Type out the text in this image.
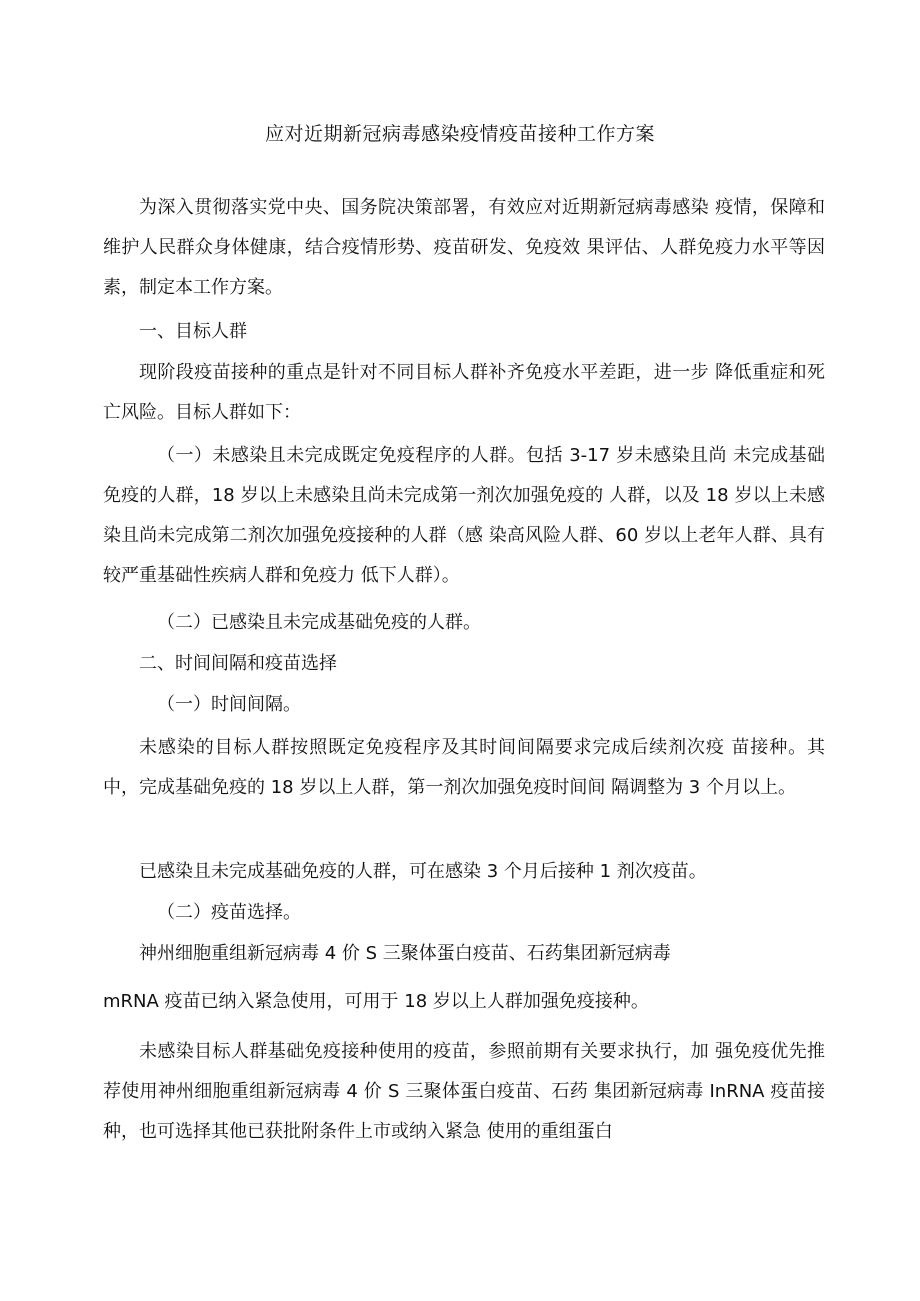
应对近期新冠病毒感染疫情疫苗接种工作方案

为深入贯彻落实党中央、国务院决策部署，有效应对近期新冠病毒感染 疫情，保障和维护人民群众身体健康，结合疫情形势、疫苗研发、免疫效 果评估、人群免疫力水平等因素，制定本工作方案。

一、目标人群

现阶段疫苗接种的重点是针对不同目标人群补齐免疫水平差距，进一步 降低重症和死亡风险。目标人群如下：

（一）未感染且未完成既定免疫程序的人群。包括 3-17 岁未感染且尚 未完成基础免疫的人群，18 岁以上未感染且尚未完成第一剂次加强免疫的 人群，以及 18 岁以上未感染且尚未完成第二剂次加强免疫接种的人群（感 染高风险人群、60 岁以上老年人群、具有较严重基础性疾病人群和免疫力 低下人群）。

（二）已感染且未完成基础免疫的人群。
二、时间间隔和疫苗选择
（一）时间间隔。

未感染的目标人群按照既定免疫程序及其时间间隔要求完成后续剂次疫 苗接种。其中，完成基础免疫的 18 岁以上人群，第一剂次加强免疫时间间 隔调整为 3 个月以上。

已感染且未完成基础免疫的人群，可在感染 3 个月后接种 1 剂次疫苗。
（二）疫苗选择。
神州细胞重组新冠病毒 4 价 S 三聚体蛋白疫苗、石药集团新冠病毒
mRNA 疫苗已纳入紧急使用，可用于 18 岁以上人群加强免疫接种。

未感染目标人群基础免疫接种使用的疫苗，参照前期有关要求执行，加 强免疫优先推荐使用神州细胞重组新冠病毒 4 价 S 三聚体蛋白疫苗、石药 集团新冠病毒 InRNA 疫苗接种，也可选择其他已获批附条件上市或纳入紧急 使用的重组蛋白
